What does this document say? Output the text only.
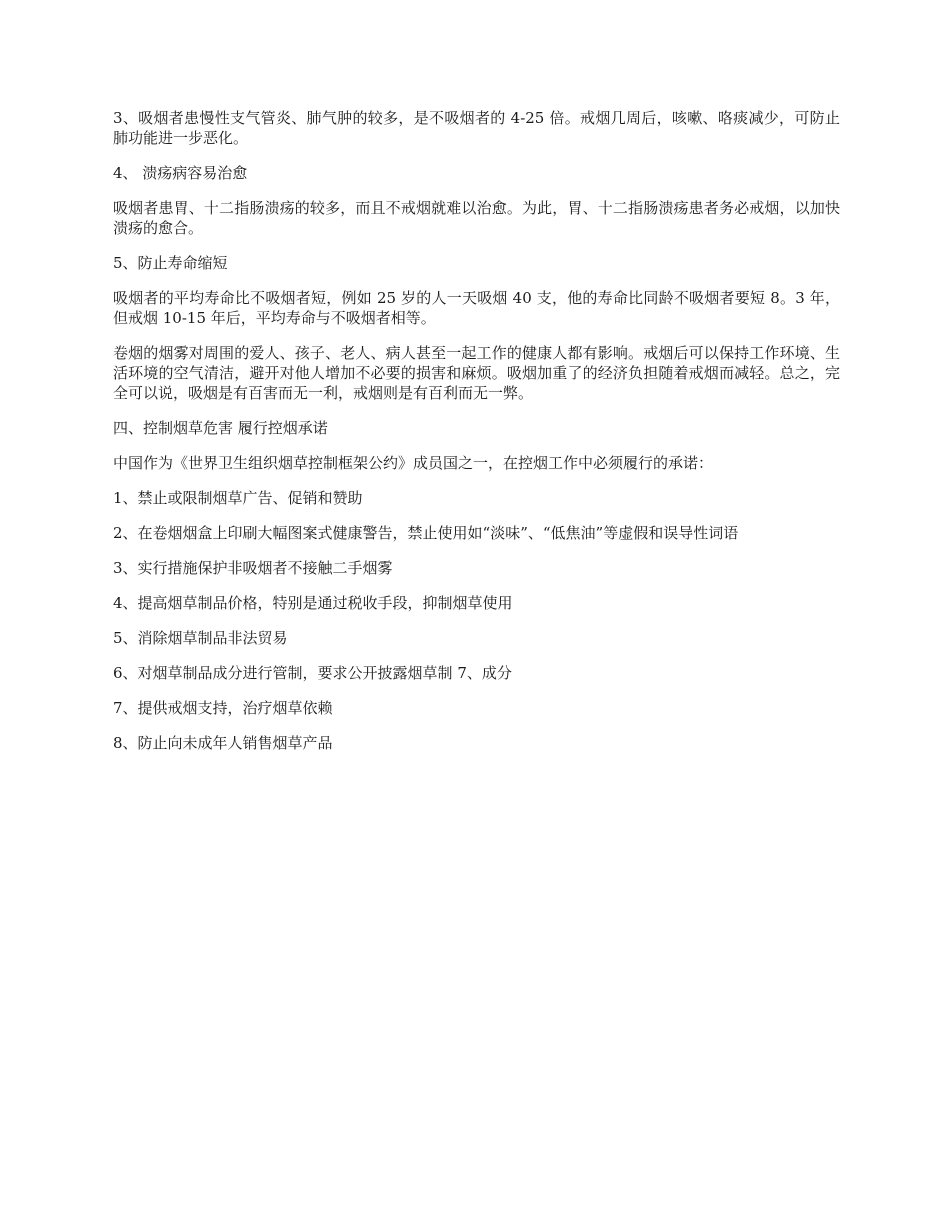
3、吸烟者患慢性支气管炎、肺气肿的较多，是不吸烟者的 4-25 倍。戒烟几周后，咳嗽、咯痰减少，可防止肺功能进一步恶化。

4、 溃疡病容易治愈

吸烟者患胃、十二指肠溃疡的较多，而且不戒烟就难以治愈。为此，胃、十二指肠溃疡患者务必戒烟，以加快溃疡的愈合。

5、防止寿命缩短

吸烟者的平均寿命比不吸烟者短，例如 25 岁的人一天吸烟 40 支，他的寿命比同龄不吸烟者要短 8。3 年，但戒烟 10-15 年后，平均寿命与不吸烟者相等。

卷烟的烟雾对周围的爱人、孩子、老人、病人甚至一起工作的健康人都有影响。戒烟后可以保持工作环境、生活环境的空气清洁，避开对他人增加不必要的损害和麻烦。吸烟加重了的经济负担随着戒烟而减轻。总之，完全可以说，吸烟是有百害而无一利，戒烟则是有百利而无一弊。

四、控制烟草危害 履行控烟承诺

中国作为《世界卫生组织烟草控制框架公约》成员国之一，在控烟工作中必须履行的承诺：

1、禁止或限制烟草广告、促销和赞助

2、在卷烟烟盒上印刷大幅图案式健康警告，禁止使用如“淡味”、“低焦油”等虚假和误导性词语

3、实行措施保护非吸烟者不接触二手烟雾

4、提高烟草制品价格，特别是通过税收手段，抑制烟草使用

5、消除烟草制品非法贸易

6、对烟草制品成分进行管制，要求公开披露烟草制 7、成分

7、提供戒烟支持，治疗烟草依赖

8、防止向未成年人销售烟草产品
